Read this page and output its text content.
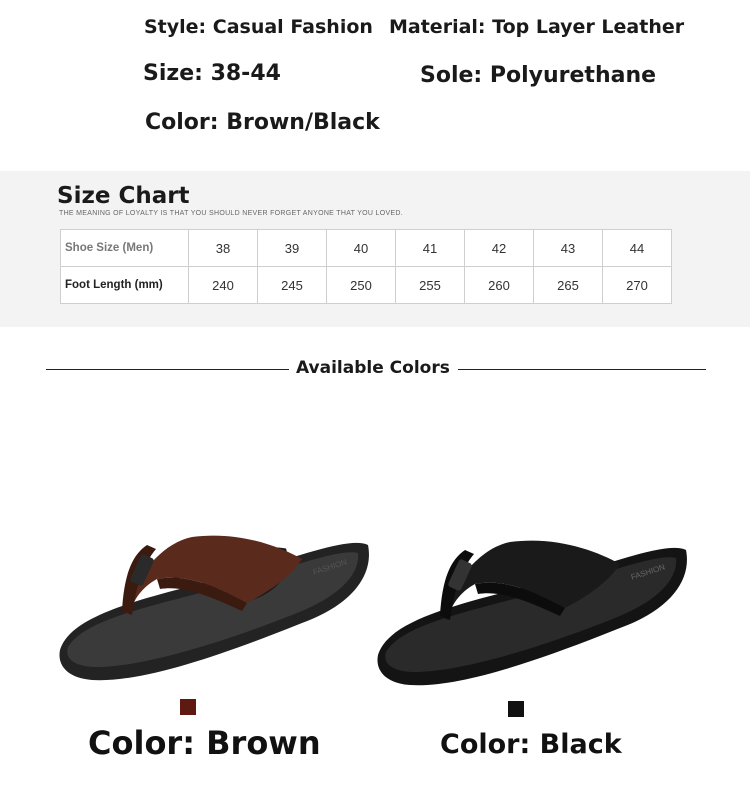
Style: Casual Fashion Material: Top Layer Leather
Size: 38-44	Sole: Polyurethane
Color: Brown/Black
Size Chart
THE MEANING OF LOYALTY IS THAT YOU SHOULD NEVER FORGET ANYONE THAT YOU LOVED.
Shoe Size (Men)	38	39	40	41	42	43	44
Foot Length (mm)	240	245	250	255	260	265	270
Available Colors
FASHION
Color: Brown
FASHION
Color: Black
